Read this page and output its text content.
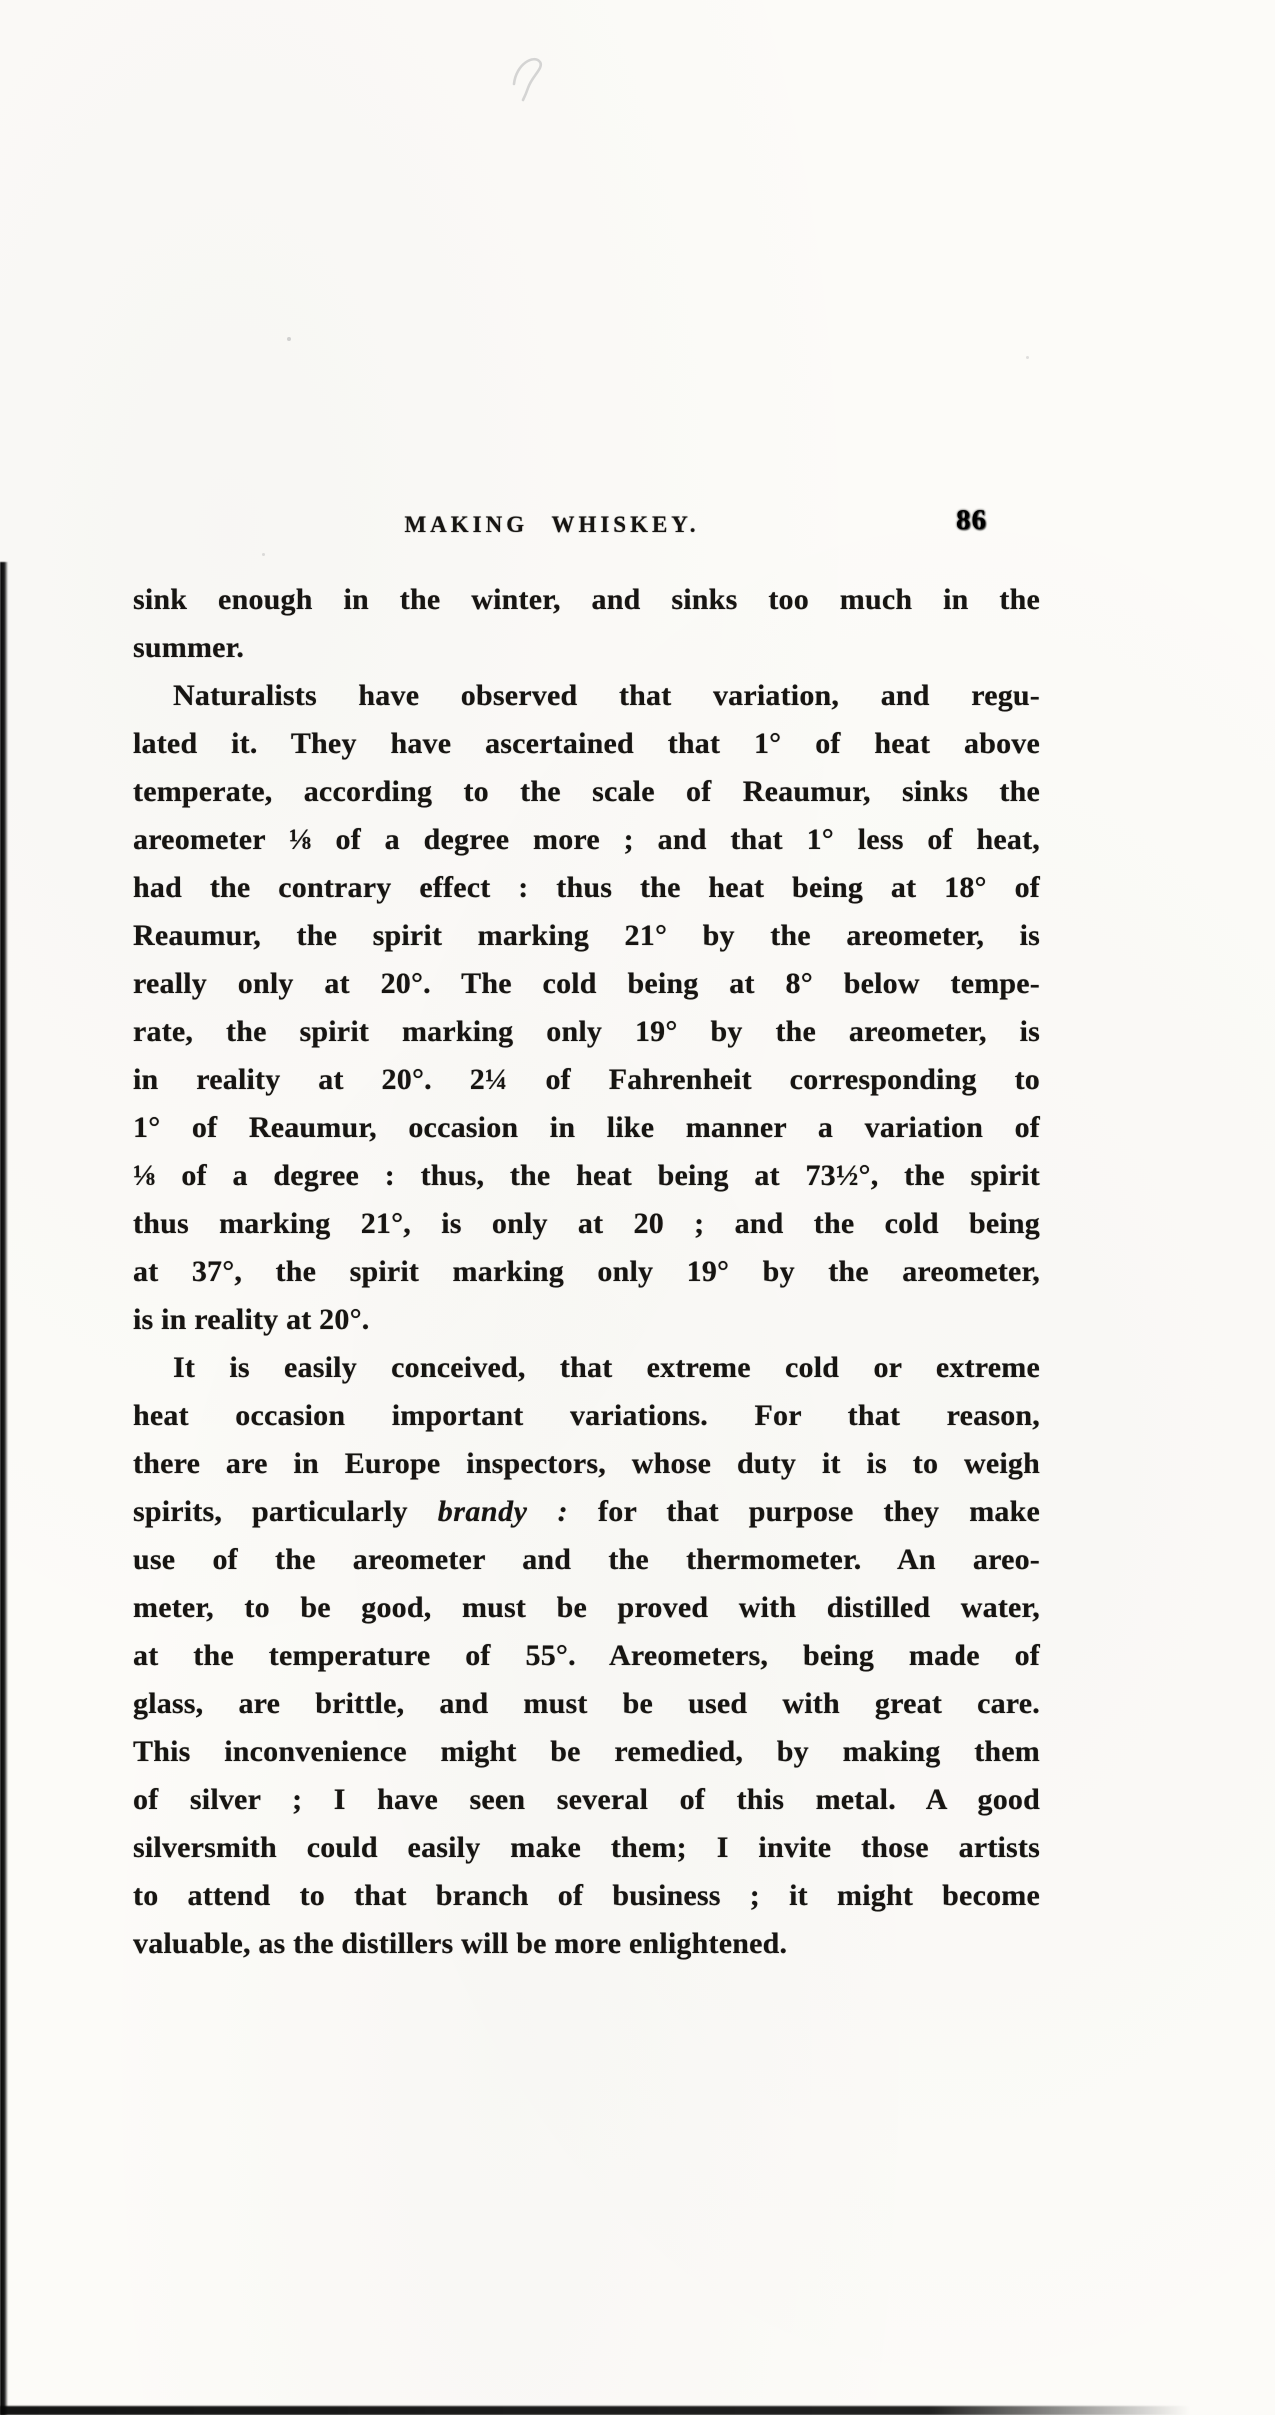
MAKING WHISKEY.	86
sink enough in the winter, and sinks too much in the
summer.
Naturalists have observed that variation, and regu-
lated it. They have ascertained that 1° of heat above
temperate, according to the scale of Reaumur, sinks the
areometer ⅛ of a degree more ; and that 1° less of heat,
had the contrary effect : thus the heat being at 18° of
Reaumur, the spirit marking 21° by the areometer, is
really only at 20°. The cold being at 8° below tempe-
rate, the spirit marking only 19° by the areometer, is
in reality at 20°. 2¼ of Fahrenheit corresponding to
1° of Reaumur, occasion in like manner a variation of
⅛ of a degree : thus, the heat being at 73½°, the spirit
thus marking 21°, is only at 20 ; and the cold being
at 37°, the spirit marking only 19° by the areometer,
is in reality at 20°.
It is easily conceived, that extreme cold or extreme
heat occasion important variations. For that reason,
there are in Europe inspectors, whose duty it is to weigh
spirits, particularly brandy : for that purpose they make
use of the areometer and the thermometer. An areo-
meter, to be good, must be proved with distilled water,
at the temperature of 55°. Areometers, being made of
glass, are brittle, and must be used with great care.
This inconvenience might be remedied, by making them
of silver ; I have seen several of this metal. A good
silversmith could easily make them; I invite those artists
to attend to that branch of business ; it might become
valuable, as the distillers will be more enlightened.
